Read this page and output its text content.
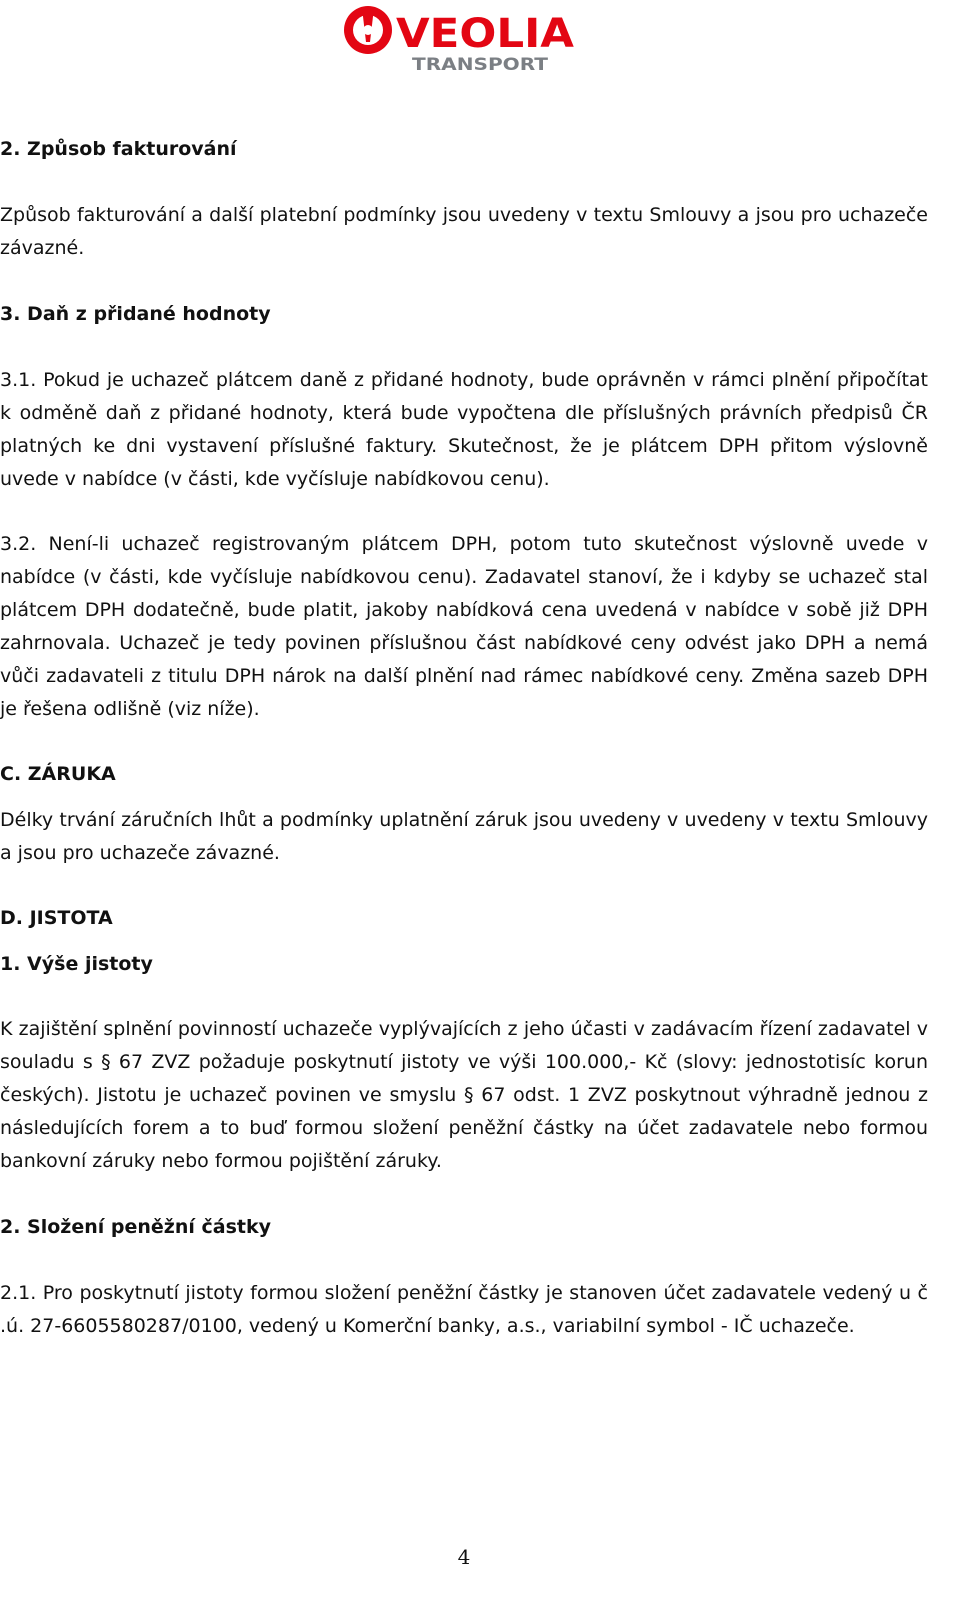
VEOLIA
TRANSPORT

2. Způsob fakturování

Způsob fakturování a další platební podmínky jsou uvedeny v textu Smlouvy a jsou pro uchazeče závazné.

3. Daň z přidané hodnoty

3.1. Pokud je uchazeč plátcem daně z přidané hodnoty, bude oprávněn v rámci plnění připočítat k odměně daň z přidané hodnoty, která bude vypočtena dle příslušných právních předpisů ČR platných ke dni vystavení příslušné faktury. Skutečnost, že je plátcem DPH přitom výslovně uvede v nabídce (v části, kde vyčísluje nabídkovou cenu).

3.2. Není-li uchazeč registrovaným plátcem DPH, potom tuto skutečnost výslovně uvede v nabídce (v části, kde vyčísluje nabídkovou cenu). Zadavatel stanoví, že i kdyby se uchazeč stal plátcem DPH dodatečně, bude platit, jakoby nabídková cena uvedená v nabídce v sobě již DPH zahrnovala. Uchazeč je tedy povinen příslušnou část nabídkové ceny odvést jako DPH a nemá vůči zadavateli z titulu DPH nárok na další plnění nad rámec nabídkové ceny. Změna sazeb DPH je řešena odlišně (viz níže).

C. ZÁRUKA

Délky trvání záručních lhůt a podmínky uplatnění záruk jsou uvedeny v uvedeny v textu Smlouvy a jsou pro uchazeče závazné.

D. JISTOTA

1. Výše jistoty

K zajištění splnění povinností uchazeče vyplývajících z jeho účasti v zadávacím řízení zadavatel v souladu s § 67 ZVZ požaduje poskytnutí jistoty ve výši 100.000,- Kč (slovy: jednostotisíc korun českých). Jistotu je uchazeč povinen ve smyslu § 67 odst. 1 ZVZ poskytnout výhradně jednou z následujících forem a to buď formou složení peněžní částky na účet zadavatele nebo formou bankovní záruky nebo formou pojištění záruky.

2. Složení peněžní částky

2.1. Pro poskytnutí jistoty formou složení peněžní částky je stanoven účet zadavatele vedený u č .ú. 27-6605580287/0100, vedený u Komerční banky, a.s., variabilní symbol - IČ uchazeče.

4
